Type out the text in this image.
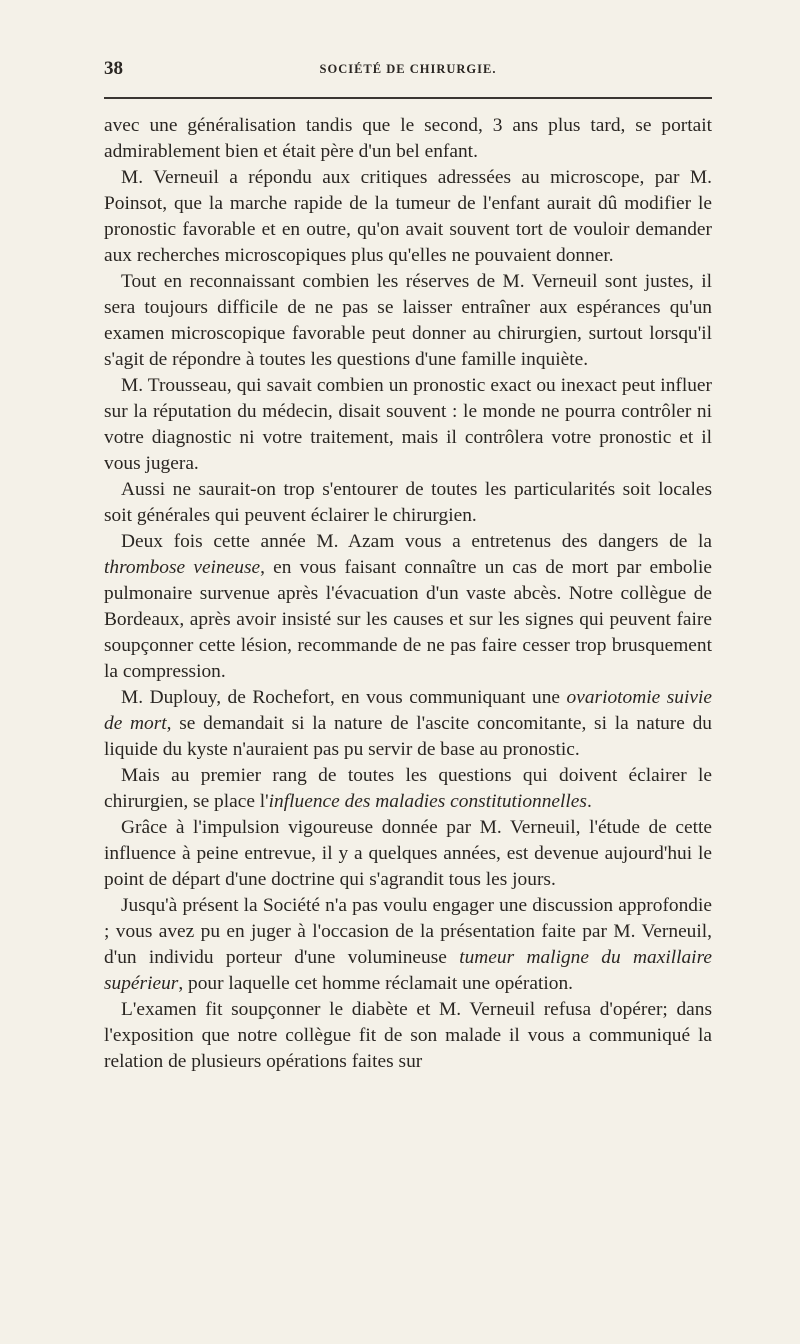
38	SOCIÉTÉ DE CHIRURGIE.

avec une généralisation tandis que le second, 3 ans plus tard, se portait admirablement bien et était père d'un bel enfant.

M. Verneuil a répondu aux critiques adressées au microscope, par M. Poinsot, que la marche rapide de la tumeur de l'enfant aurait dû modifier le pronostic favorable et en outre, qu'on avait souvent tort de vouloir demander aux recherches microscopiques plus qu'elles ne pouvaient donner.

Tout en reconnaissant combien les réserves de M. Verneuil sont justes, il sera toujours difficile de ne pas se laisser entraîner aux espérances qu'un examen microscopique favorable peut donner au chirurgien, surtout lorsqu'il s'agit de répondre à toutes les questions d'une famille inquiète.

M. Trousseau, qui savait combien un pronostic exact ou inexact peut influer sur la réputation du médecin, disait souvent : le monde ne pourra contrôler ni votre diagnostic ni votre traitement, mais il contrôlera votre pronostic et il vous jugera.

Aussi ne saurait-on trop s'entourer de toutes les particularités soit locales soit générales qui peuvent éclairer le chirurgien.

Deux fois cette année M. Azam vous a entretenus des dangers de la thrombose veineuse, en vous faisant connaître un cas de mort par embolie pulmonaire survenue après l'évacuation d'un vaste abcès. Notre collègue de Bordeaux, après avoir insisté sur les causes et sur les signes qui peuvent faire soupçonner cette lésion, recommande de ne pas faire cesser trop brusquement la compression.

M. Duplouy, de Rochefort, en vous communiquant une ovariotomie suivie de mort, se demandait si la nature de l'ascite concomitante, si la nature du liquide du kyste n'auraient pas pu servir de base au pronostic.

Mais au premier rang de toutes les questions qui doivent éclairer le chirurgien, se place l'influence des maladies constitutionnelles.

Grâce à l'impulsion vigoureuse donnée par M. Verneuil, l'étude de cette influence à peine entrevue, il y a quelques années, est devenue aujourd'hui le point de départ d'une doctrine qui s'agrandit tous les jours.

Jusqu'à présent la Société n'a pas voulu engager une discussion approfondie ; vous avez pu en juger à l'occasion de la présentation faite par M. Verneuil, d'un individu porteur d'une volumineuse tumeur maligne du maxillaire supérieur, pour laquelle cet homme réclamait une opération.

L'examen fit soupçonner le diabète et M. Verneuil refusa d'opérer; dans l'exposition que notre collègue fit de son malade il vous a communiqué la relation de plusieurs opérations faites sur
